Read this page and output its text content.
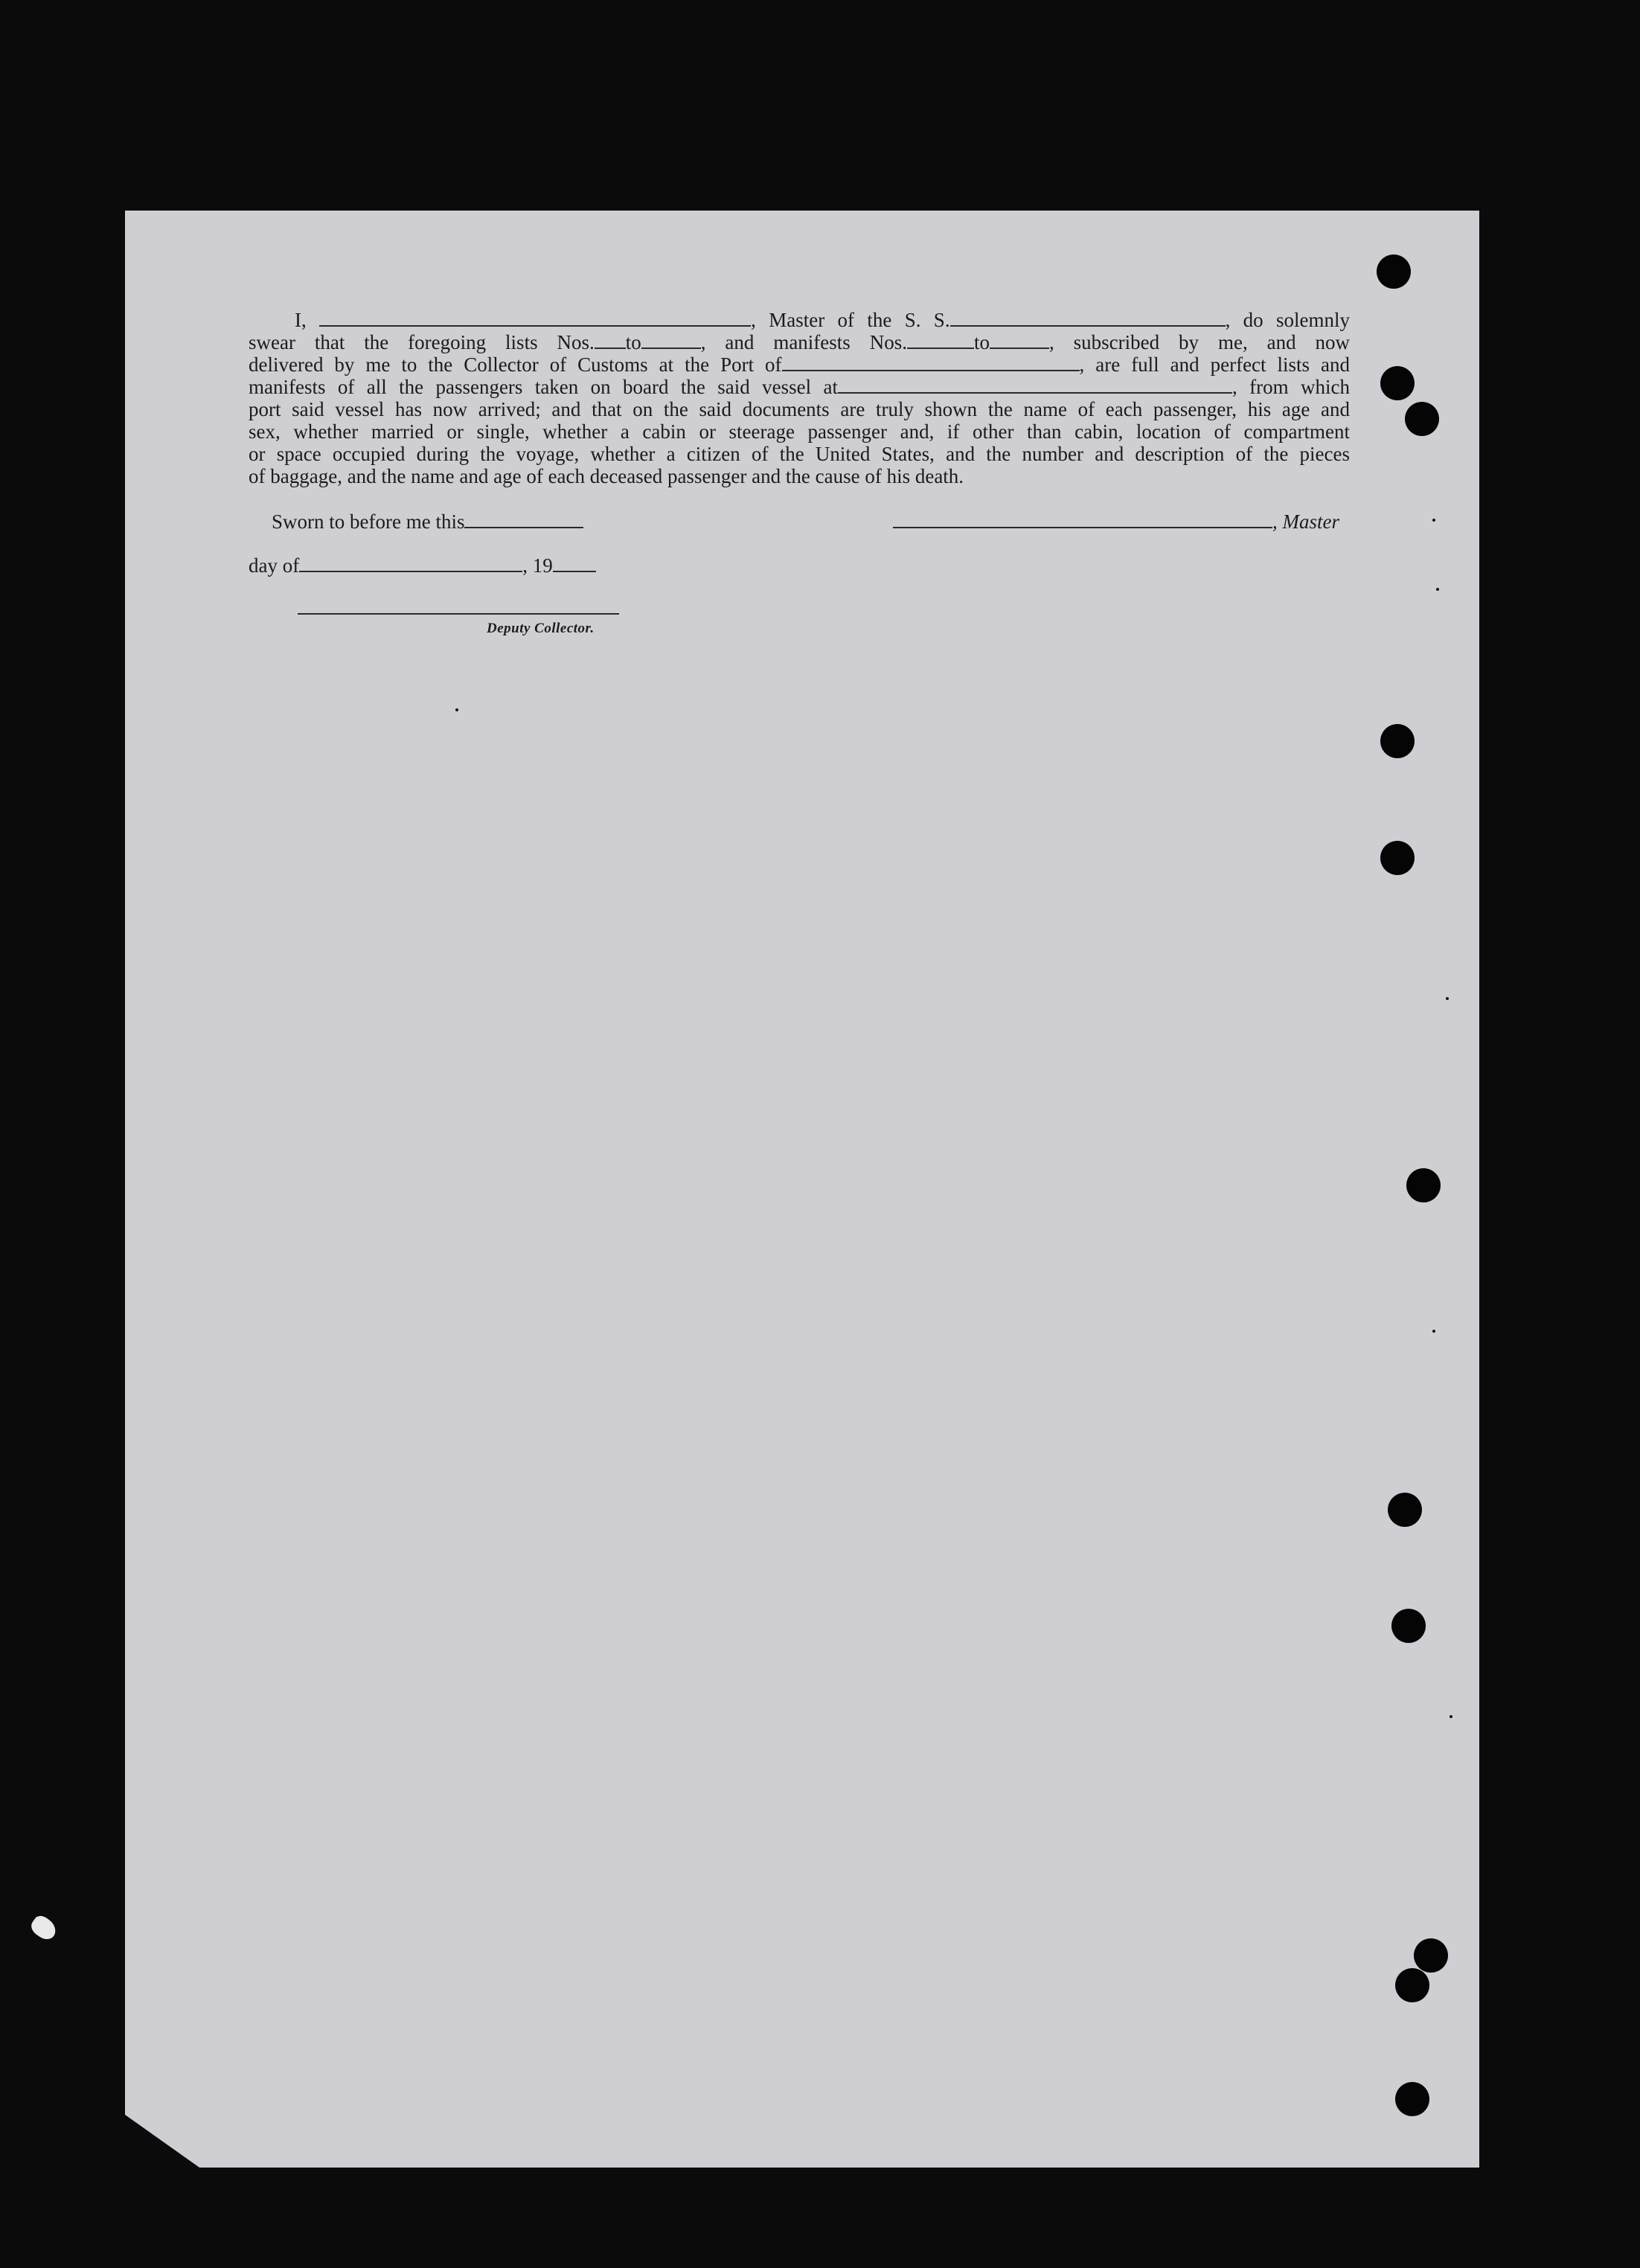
I,	, Master of the S. S.	, do solemnly
swear that the foregoing lists Nos. to	, and manifests Nos.	to	, subscribed by me, and now
delivered by me to the Collector of Customs at the Port of	, are full and perfect lists and
manifests of all the passengers taken on board the said vessel at	, from which
port said vessel has now arrived; and that on the said documents are truly shown the name of each passenger, his age and
sex, whether married or single, whether a cabin or steerage passenger and, if other than cabin, location of compartment
or space occupied during the voyage, whether a citizen of the United States, and the number and description of the pieces
of baggage, and the name and age of each deceased passenger and the cause of his death.
Sworn to before me this	, Master
day of	, 19
Deputy Collector.
